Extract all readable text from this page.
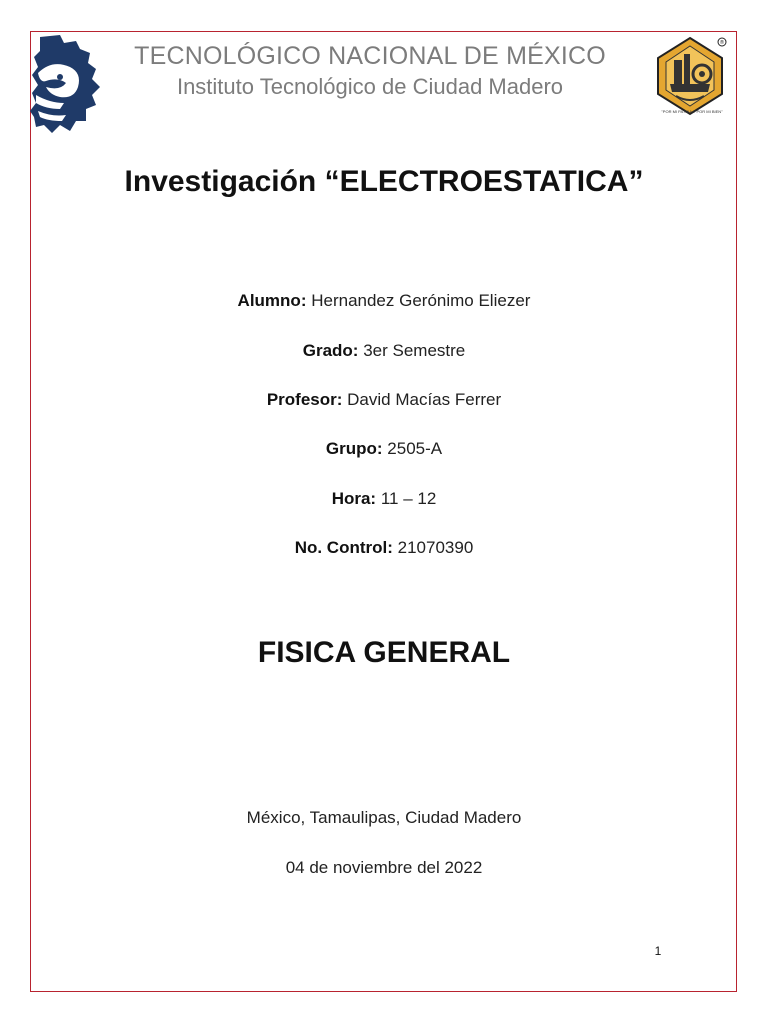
TECNOLÓGICO NACIONAL DE MÉXICO
Instituto Tecnológico de Ciudad Madero
®
"POR MI PATRIA Y POR MI BIEN"
Investigación “ELECTROESTATICA”
Alumno: Hernandez Gerónimo Eliezer
Grado: 3er Semestre
Profesor: David Macías Ferrer
Grupo: 2505-A
Hora: 11 – 12
No. Control: 21070390
FISICA GENERAL
México, Tamaulipas, Ciudad Madero
04 de noviembre del 2022
1
